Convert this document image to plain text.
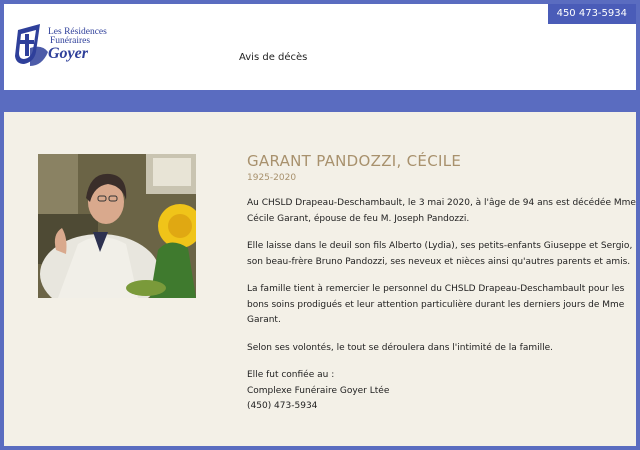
Les Résidences
Funéraires
Goyer	Avis de décès
450 473-5934
GARANT PANDOZZI, CÉCILE
1925-2020

Au CHSLD Drapeau-Deschambault, le 3 mai 2020, à l'âge de 94 ans est décédée Mme
Cécile Garant, épouse de feu M. Joseph Pandozzi.

Elle laisse dans le deuil son fils Alberto (Lydia), ses petits-enfants Giuseppe et Sergio,
son beau-frère Bruno Pandozzi, ses neveux et nièces ainsi qu'autres parents et amis.

La famille tient à remercier le personnel du CHSLD Drapeau-Deschambault pour les
bons soins prodigués et leur attention particulière durant les derniers jours de Mme
Garant.

Selon ses volontés, le tout se déroulera dans l'intimité de la famille.

Elle fut confiée au :
Complexe Funéraire Goyer Ltée
(450) 473-5934
